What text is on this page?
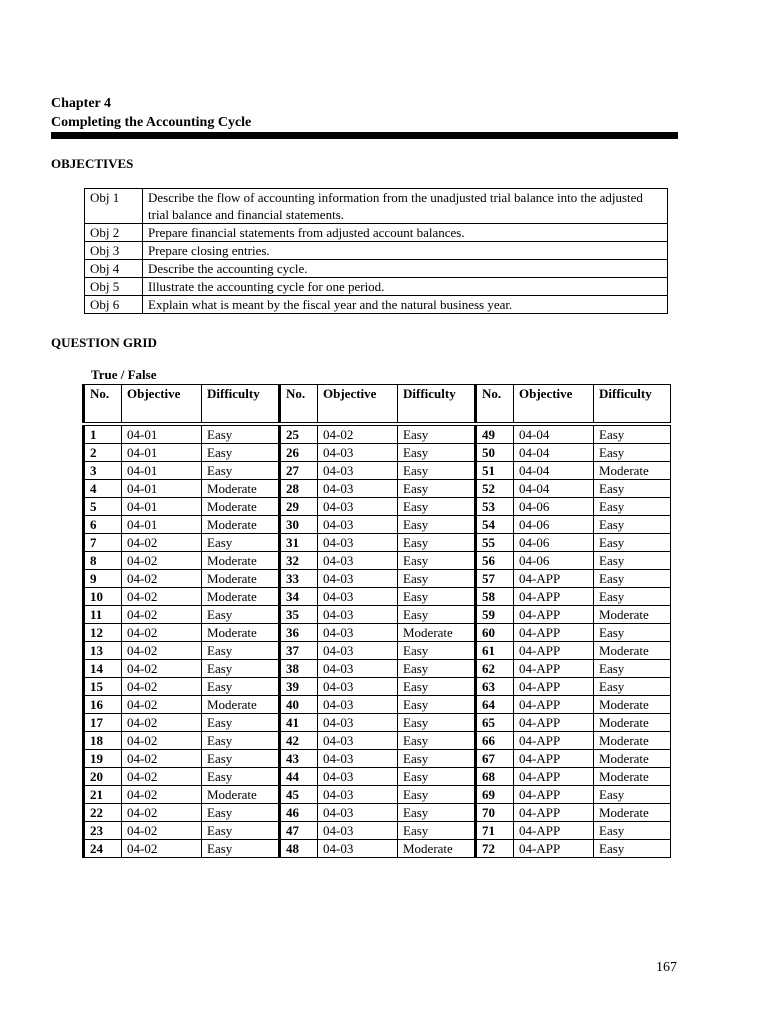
Chapter 4
Completing the Accounting Cycle
OBJECTIVES
Obj 1	Describe the flow of accounting information from the unadjusted trial balance into the adjusted trial balance and financial statements.
Obj 2	Prepare financial statements from adjusted account balances.
Obj 3	Prepare closing entries.
Obj 4	Describe the accounting cycle.
Obj 5	Illustrate the accounting cycle for one period.
Obj 6	Explain what is meant by the fiscal year and the natural business year.
QUESTION GRID
True / False
No.	Objective	Difficulty	No.	Objective	Difficulty	No.	Objective	Difficulty
1	04-01	Easy	25	04-02	Easy	49	04-04	Easy
2	04-01	Easy	26	04-03	Easy	50	04-04	Easy
3	04-01	Easy	27	04-03	Easy	51	04-04	Moderate
4	04-01	Moderate	28	04-03	Easy	52	04-04	Easy
5	04-01	Moderate	29	04-03	Easy	53	04-06	Easy
6	04-01	Moderate	30	04-03	Easy	54	04-06	Easy
7	04-02	Easy	31	04-03	Easy	55	04-06	Easy
8	04-02	Moderate	32	04-03	Easy	56	04-06	Easy
9	04-02	Moderate	33	04-03	Easy	57	04-APP	Easy
10	04-02	Moderate	34	04-03	Easy	58	04-APP	Easy
11	04-02	Easy	35	04-03	Easy	59	04-APP	Moderate
12	04-02	Moderate	36	04-03	Moderate	60	04-APP	Easy
13	04-02	Easy	37	04-03	Easy	61	04-APP	Moderate
14	04-02	Easy	38	04-03	Easy	62	04-APP	Easy
15	04-02	Easy	39	04-03	Easy	63	04-APP	Easy
16	04-02	Moderate	40	04-03	Easy	64	04-APP	Moderate
17	04-02	Easy	41	04-03	Easy	65	04-APP	Moderate
18	04-02	Easy	42	04-03	Easy	66	04-APP	Moderate
19	04-02	Easy	43	04-03	Easy	67	04-APP	Moderate
20	04-02	Easy	44	04-03	Easy	68	04-APP	Moderate
21	04-02	Moderate	45	04-03	Easy	69	04-APP	Easy
22	04-02	Easy	46	04-03	Easy	70	04-APP	Moderate
23	04-02	Easy	47	04-03	Easy	71	04-APP	Easy
24	04-02	Easy	48	04-03	Moderate	72	04-APP	Easy
167
